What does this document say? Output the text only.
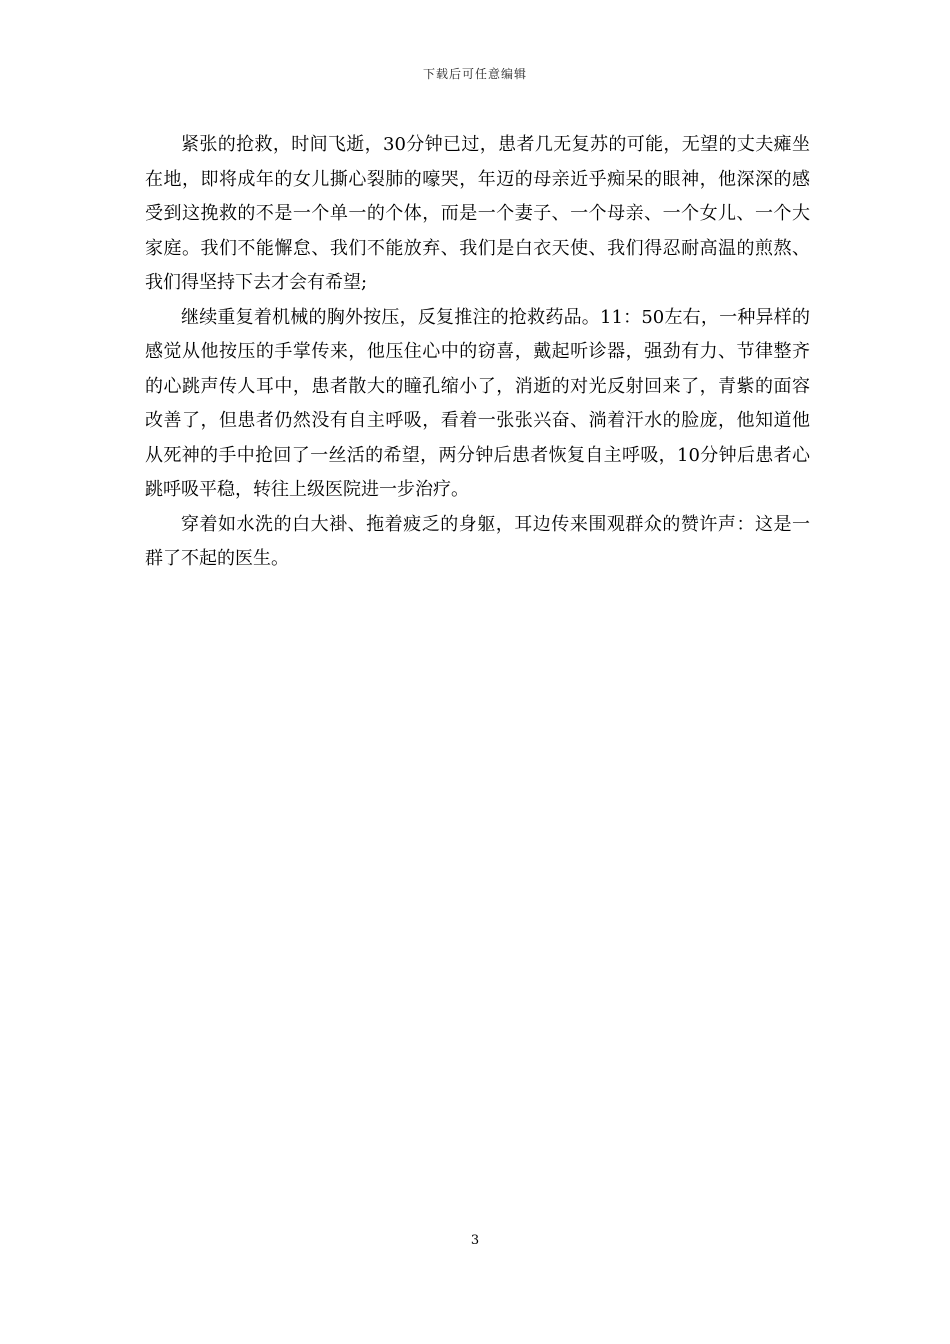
下载后可任意编辑

紧张的抢救，时间飞逝，30分钟已过，患者几无复苏的可能，无望的丈夫瘫坐在地，即将成年的女儿撕心裂肺的嚎哭，年迈的母亲近乎痴呆的眼神，他深深的感受到这挽救的不是一个单一的个体，而是一个妻子、一个母亲、一个女儿、一个大家庭。我们不能懈怠、我们不能放弃、我们是白衣天使、我们得忍耐高温的煎熬、我们得坚持下去才会有希望;

继续重复着机械的胸外按压，反复推注的抢救药品。11：50左右，一种异样的感觉从他按压的手掌传来，他压住心中的窃喜，戴起听诊器，强劲有力、节律整齐的心跳声传人耳中，患者散大的瞳孔缩小了，消逝的对光反射回来了，青紫的面容改善了，但患者仍然没有自主呼吸，看着一张张兴奋、淌着汗水的脸庞，他知道他从死神的手中抢回了一丝活的希望，两分钟后患者恢复自主呼吸，10分钟后患者心跳呼吸平稳，转往上级医院进一步治疗。

穿着如水洗的白大褂、拖着疲乏的身躯，耳边传来围观群众的赞许声：这是一群了不起的医生。

3
